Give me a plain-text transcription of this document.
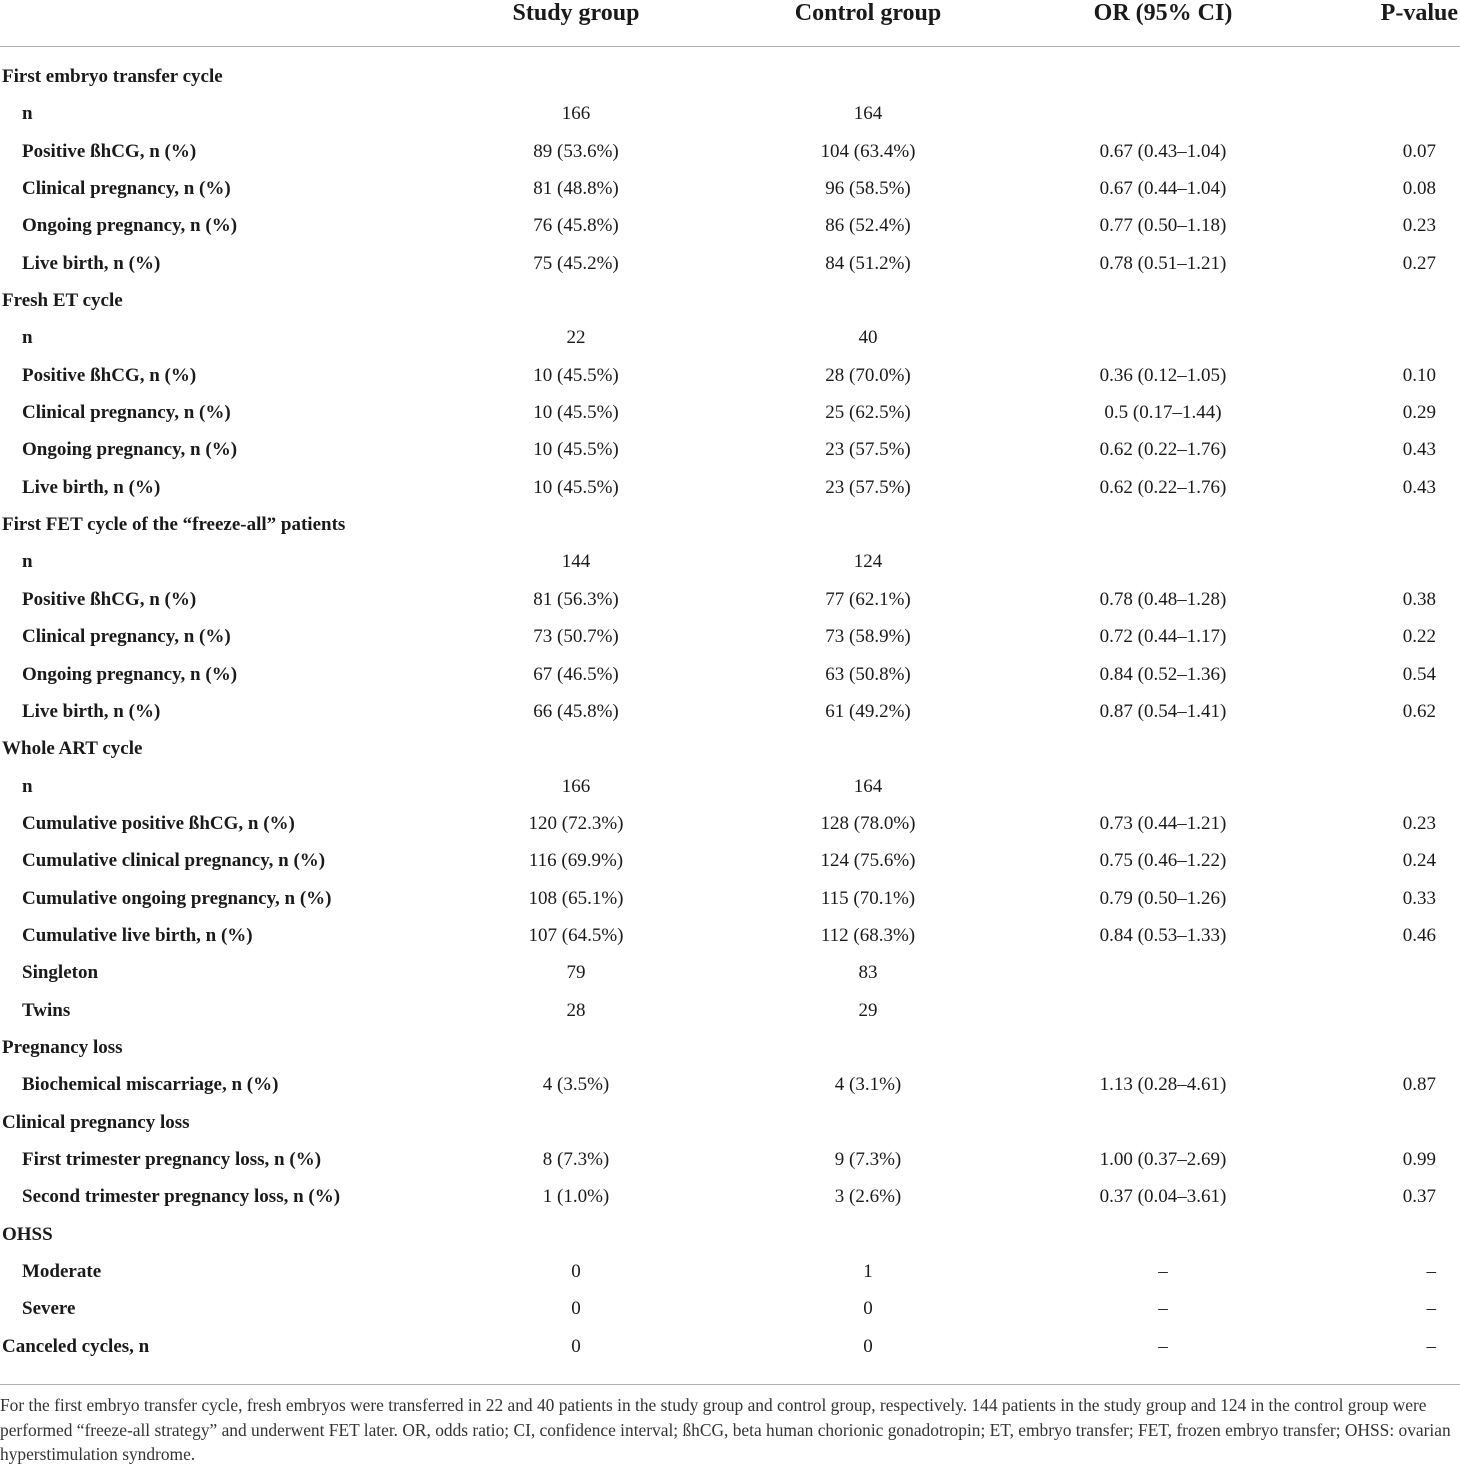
Study group	Control group	OR (95% CI)	P-value
First embryo transfer cycle
n	166	164
Positive ßhCG, n (%)	89 (53.6%)	104 (63.4%)	0.67 (0.43–1.04)	0.07
Clinical pregnancy, n (%)	81 (48.8%)	96 (58.5%)	0.67 (0.44–1.04)	0.08
Ongoing pregnancy, n (%)	76 (45.8%)	86 (52.4%)	0.77 (0.50–1.18)	0.23
Live birth, n (%)	75 (45.2%)	84 (51.2%)	0.78 (0.51–1.21)	0.27
Fresh ET cycle
n	22	40
Positive ßhCG, n (%)	10 (45.5%)	28 (70.0%)	0.36 (0.12–1.05)	0.10
Clinical pregnancy, n (%)	10 (45.5%)	25 (62.5%)	0.5 (0.17–1.44)	0.29
Ongoing pregnancy, n (%)	10 (45.5%)	23 (57.5%)	0.62 (0.22–1.76)	0.43
Live birth, n (%)	10 (45.5%)	23 (57.5%)	0.62 (0.22–1.76)	0.43
First FET cycle of the “freeze-all” patients
n	144	124
Positive ßhCG, n (%)	81 (56.3%)	77 (62.1%)	0.78 (0.48–1.28)	0.38
Clinical pregnancy, n (%)	73 (50.7%)	73 (58.9%)	0.72 (0.44–1.17)	0.22
Ongoing pregnancy, n (%)	67 (46.5%)	63 (50.8%)	0.84 (0.52–1.36)	0.54
Live birth, n (%)	66 (45.8%)	61 (49.2%)	0.87 (0.54–1.41)	0.62
Whole ART cycle
n	166	164
Cumulative positive ßhCG, n (%)	120 (72.3%)	128 (78.0%)	0.73 (0.44–1.21)	0.23
Cumulative clinical pregnancy, n (%)	116 (69.9%)	124 (75.6%)	0.75 (0.46–1.22)	0.24
Cumulative ongoing pregnancy, n (%)	108 (65.1%)	115 (70.1%)	0.79 (0.50–1.26)	0.33
Cumulative live birth, n (%)	107 (64.5%)	112 (68.3%)	0.84 (0.53–1.33)	0.46
Singleton	79	83
Twins	28	29
Pregnancy loss
Biochemical miscarriage, n (%)	4 (3.5%)	4 (3.1%)	1.13 (0.28–4.61)	0.87
Clinical pregnancy loss
First trimester pregnancy loss, n (%)	8 (7.3%)	9 (7.3%)	1.00 (0.37–2.69)	0.99
Second trimester pregnancy loss, n (%)	1 (1.0%)	3 (2.6%)	0.37 (0.04–3.61)	0.37
OHSS
Moderate	0	1	–	–
Severe	0	0	–	–
Canceled cycles, n	0	0	–	–
For the first embryo transfer cycle, fresh embryos were transferred in 22 and 40 patients in the study group and control group, respectively. 144 patients in the study group and 124 in the control group were performed “freeze-all strategy” and underwent FET later. OR, odds ratio; CI, confidence interval; ßhCG, beta human chorionic gonadotropin; ET, embryo transfer; FET, frozen embryo transfer; OHSS: ovarian hyperstimulation syndrome.
